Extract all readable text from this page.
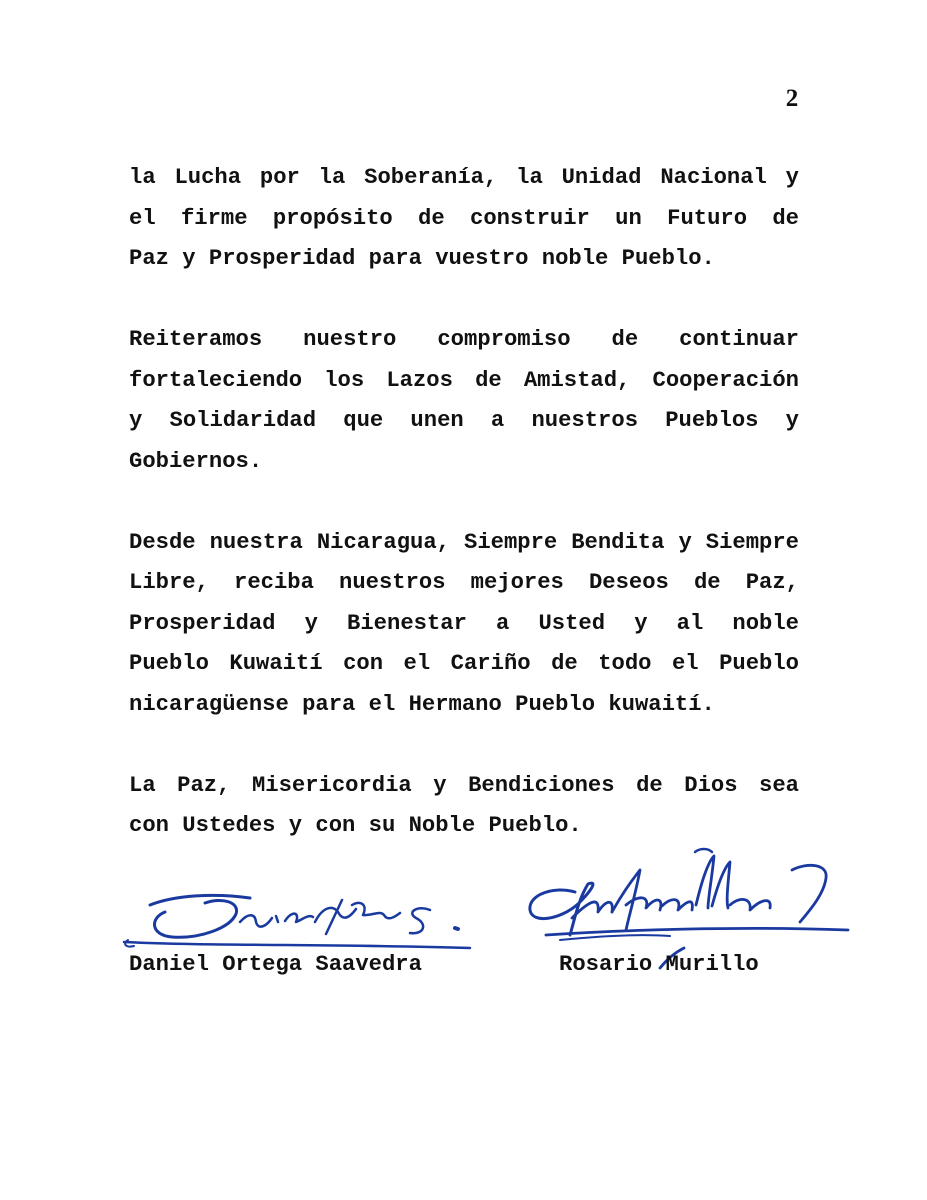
2
la Lucha por la Soberanía, la Unidad Nacional y
el firme propósito de construir un Futuro de
Paz y Prosperidad para vuestro noble Pueblo.
Reiteramos nuestro compromiso de continuar
fortaleciendo los Lazos de Amistad, Cooperación
y Solidaridad que unen a nuestros Pueblos y
Gobiernos.
Desde nuestra Nicaragua, Siempre Bendita y Siempre
Libre, reciba nuestros mejores Deseos de Paz,
Prosperidad y Bienestar a Usted y al noble
Pueblo Kuwaití con el Cariño de todo el Pueblo
nicaragüense para el Hermano Pueblo kuwaití.
La Paz, Misericordia y Bendiciones de Dios sea
con Ustedes y con su Noble Pueblo.
Daniel Ortega Saavedra	Rosario Murillo
